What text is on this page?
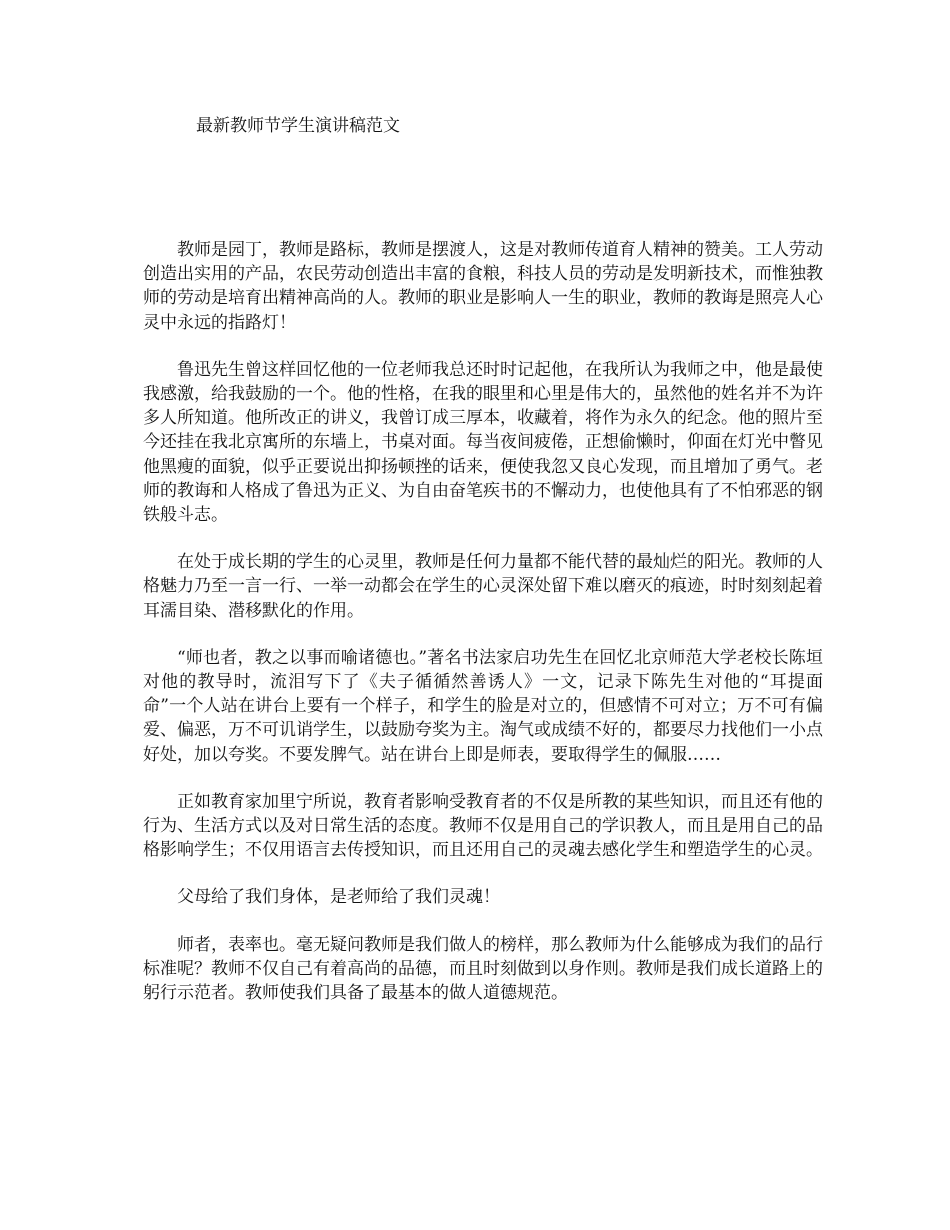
最新教师节学生演讲稿范文

教师是园丁，教师是路标，教师是摆渡人，这是对教师传道育人精神的赞美。工人劳动创造出实用的产品，农民劳动创造出丰富的食粮，科技人员的劳动是发明新技术，而惟独教师的劳动是培育出精神高尚的人。教师的职业是影响人一生的职业，教师的教诲是照亮人心灵中永远的指路灯！

鲁迅先生曾这样回忆他的一位老师我总还时时记起他，在我所认为我师之中，他是最使我感激，给我鼓励的一个。他的性格，在我的眼里和心里是伟大的，虽然他的姓名并不为许多人所知道。他所改正的讲义，我曾订成三厚本，收藏着，将作为永久的纪念。他的照片至今还挂在我北京寓所的东墙上，书桌对面。每当夜间疲倦，正想偷懒时，仰面在灯光中瞥见他黑瘦的面貌，似乎正要说出抑扬顿挫的话来，便使我忽又良心发现，而且增加了勇气。老师的教诲和人格成了鲁迅为正义、为自由奋笔疾书的不懈动力，也使他具有了不怕邪恶的钢铁般斗志。

在处于成长期的学生的心灵里，教师是任何力量都不能代替的最灿烂的阳光。教师的人格魅力乃至一言一行、一举一动都会在学生的心灵深处留下难以磨灭的痕迹，时时刻刻起着耳濡目染、潜移默化的作用。

“师也者，教之以事而喻诸德也。”著名书法家启功先生在回忆北京师范大学老校长陈垣对他的教导时，流泪写下了《夫子循循然善诱人》一文，记录下陈先生对他的“耳提面命”一个人站在讲台上要有一个样子，和学生的脸是对立的，但感情不可对立；万不可有偏爱、偏恶，万不可讥诮学生，以鼓励夸奖为主。淘气或成绩不好的，都要尽力找他们一小点好处，加以夸奖。不要发脾气。站在讲台上即是师表，要取得学生的佩服……

正如教育家加里宁所说，教育者影响受教育者的不仅是所教的某些知识，而且还有他的行为、生活方式以及对日常生活的态度。教师不仅是用自己的学识教人，而且是用自己的品格影响学生；不仅用语言去传授知识，而且还用自己的灵魂去感化学生和塑造学生的心灵。

父母给了我们身体，是老师给了我们灵魂！

师者，表率也。毫无疑问教师是我们做人的榜样，那么教师为什么能够成为我们的品行标准呢？教师不仅自己有着高尚的品德，而且时刻做到以身作则。教师是我们成长道路上的躬行示范者。教师使我们具备了最基本的做人道德规范。
